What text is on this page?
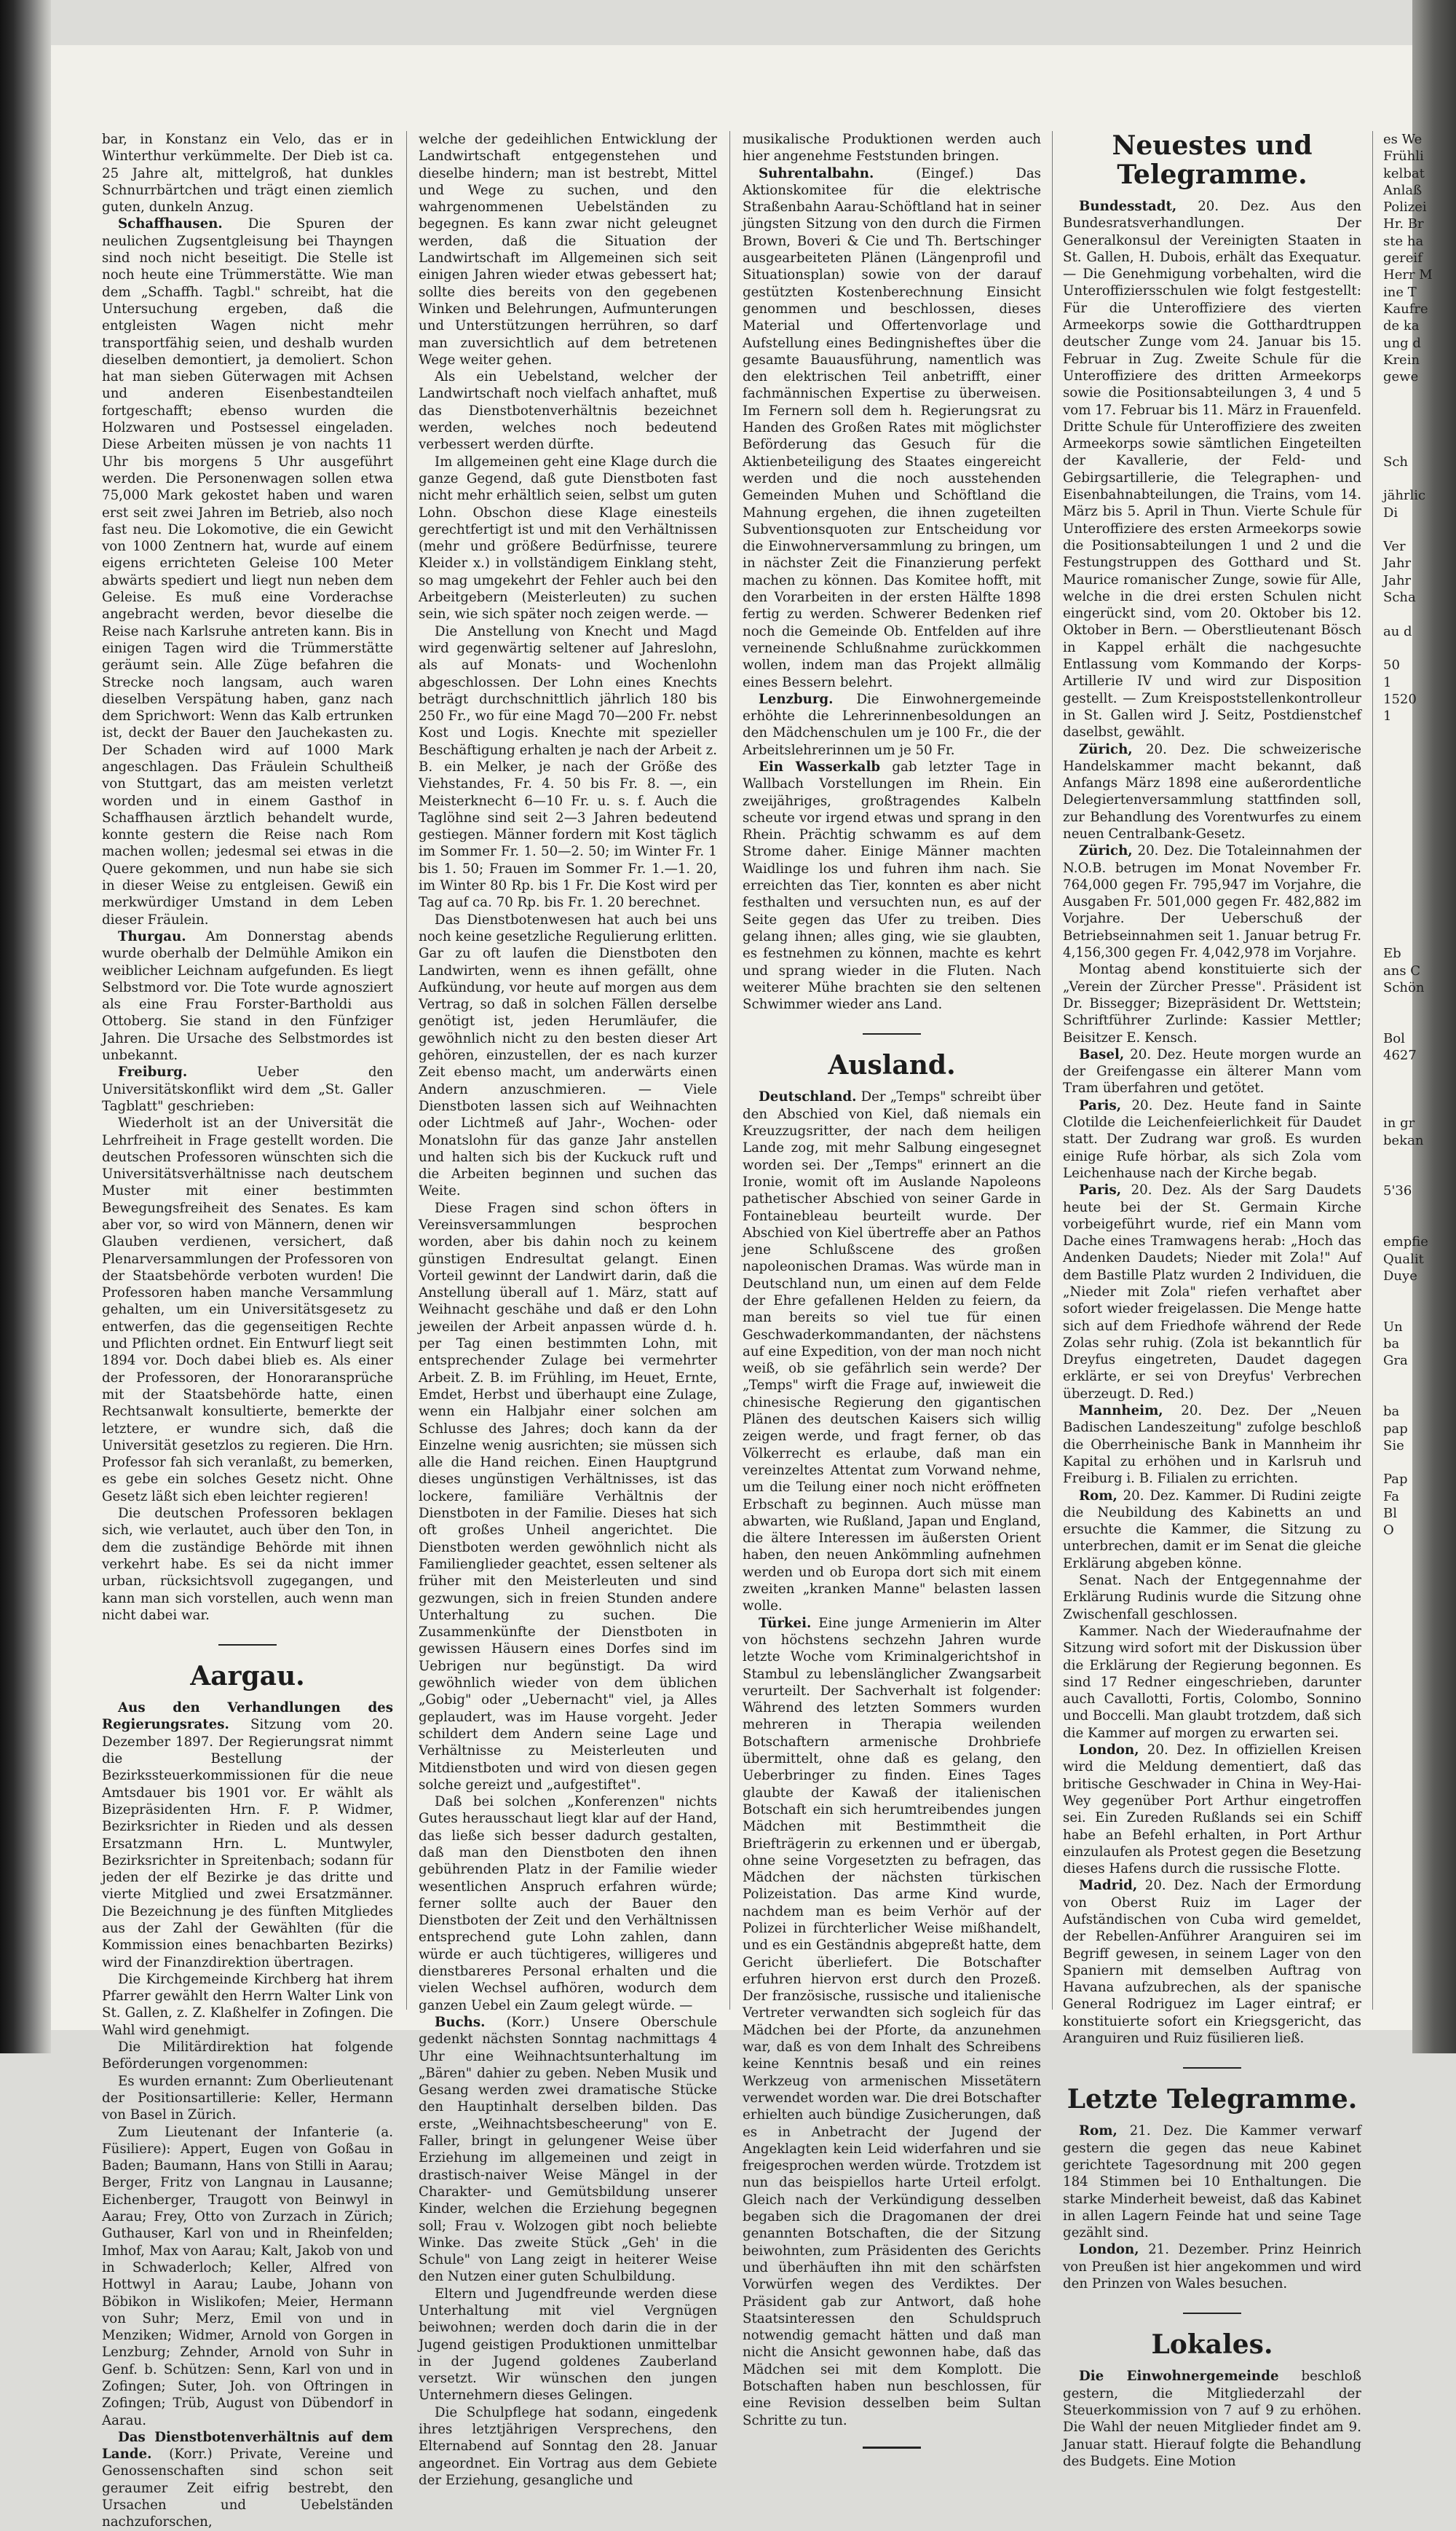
bar, in Konstanz ein Velo, das er in Winterthur verkümmelte. Der Dieb ist ca. 25 Jahre alt, mittelgroß, hat dunkles Schnurrbärtchen und trägt einen ziemlich guten, dunkeln Anzug.

Schaffhausen. Die Spuren der neulichen Zugsentgleisung bei Thayngen sind noch nicht beseitigt. Die Stelle ist noch heute eine Trümmerstätte. Wie man dem „Schaffh. Tagbl." schreibt, hat die Untersuchung ergeben, daß die entgleisten Wagen nicht mehr transportfähig seien, und deshalb wurden dieselben demontiert, ja demoliert. Schon hat man sieben Güterwagen mit Achsen und anderen Eisenbestandteilen fortgeschafft; ebenso wurden die Holzwaren und Postsessel eingeladen. Diese Arbeiten müssen je von nachts 11 Uhr bis morgens 5 Uhr ausgeführt werden. Die Personenwagen sollen etwa 75,000 Mark gekostet haben und waren erst seit zwei Jahren im Betrieb, also noch fast neu. Die Lokomotive, die ein Gewicht von 1000 Zentnern hat, wurde auf einem eigens errichteten Geleise 100 Meter abwärts spediert und liegt nun neben dem Geleise. Es muß eine Vorderachse angebracht werden, bevor dieselbe die Reise nach Karlsruhe antreten kann. Bis in einigen Tagen wird die Trümmerstätte geräumt sein. Alle Züge befahren die Strecke noch langsam, auch waren dieselben Verspätung haben, ganz nach dem Sprichwort: Wenn das Kalb ertrunken ist, deckt der Bauer den Jauchekasten zu. Der Schaden wird auf 1000 Mark angeschlagen. Das Fräulein Schultheiß von Stuttgart, das am meisten verletzt worden und in einem Gasthof in Schaffhausen ärztlich behandelt wurde, konnte gestern die Reise nach Rom machen wollen; jedesmal sei etwas in die Quere gekommen, und nun habe sie sich in dieser Weise zu entgleisen. Gewiß ein merkwürdiger Umstand in dem Leben dieser Fräulein.

Thurgau. Am Donnerstag abends wurde oberhalb der Delmühle Amikon ein weiblicher Leichnam aufgefunden. Es liegt Selbstmord vor. Die Tote wurde agnosziert als eine Frau Forster-Bartholdi aus Ottoberg. Sie stand in den Fünfziger Jahren. Die Ursache des Selbstmordes ist unbekannt.

Freiburg. Ueber den Universitätskonflikt wird dem „St. Galler Tagblatt" geschrieben:

Wiederholt ist an der Universität die Lehrfreiheit in Frage gestellt worden. Die deutschen Professoren wünschten sich die Universitätsverhältnisse nach deutschem Muster mit einer bestimmten Bewegungsfreiheit des Senates. Es kam aber vor, so wird von Männern, denen wir Glauben verdienen, versichert, daß Plenarversammlungen der Professoren von der Staatsbehörde verboten wurden! Die Professoren haben manche Versammlung gehalten, um ein Universitätsgesetz zu entwerfen, das die gegenseitigen Rechte und Pflichten ordnet. Ein Entwurf liegt seit 1894 vor. Doch dabei blieb es. Als einer der Professoren, der Honoraransprüche mit der Staatsbehörde hatte, einen Rechtsanwalt konsultierte, bemerkte der letztere, er wundre sich, daß die Universität gesetzlos zu regieren. Die Hrn. Professor fah sich veranlaßt, zu bemerken, es gebe ein solches Gesetz nicht. Ohne Gesetz läßt sich eben leichter regieren!

Die deutschen Professoren beklagen sich, wie verlautet, auch über den Ton, in dem die zuständige Behörde mit ihnen verkehrt habe. Es sei da nicht immer urban, rücksichtsvoll zugegangen, und kann man sich vorstellen, auch wenn man nicht dabei war.

Aargau.

Aus den Verhandlungen des Regierungsrates. Sitzung vom 20. Dezember 1897. Der Regierungsrat nimmt die Bestellung der Bezirkssteuerkommissionen für die neue Amtsdauer bis 1901 vor. Er wählt als Bizepräsidenten Hrn. F. P. Widmer, Bezirksrichter in Rieden und als dessen Ersatzmann Hrn. L. Muntwyler, Bezirksrichter in Spreitenbach; sodann für jeden der elf Bezirke je das dritte und vierte Mitglied und zwei Ersatzmänner. Die Bezeichnung je des fünften Mitgliedes aus der Zahl der Gewählten (für die Kommission eines benachbarten Bezirks) wird der Finanzdirektion übertragen.

Die Kirchgemeinde Kirchberg hat ihrem Pfarrer gewählt den Herrn Walter Link von St. Gallen, z. Z. Klaßhelfer in Zofingen. Die Wahl wird genehmigt.

Die Militärdirektion hat folgende Beförderungen vorgenommen:

Es wurden ernannt: Zum Oberlieutenant der Positionsartillerie: Keller, Hermann von Basel in Zürich.

Zum Lieutenant der Infanterie (a. Füsiliere): Appert, Eugen von Goßau in Baden; Baumann, Hans von Stilli in Aarau; Berger, Fritz von Langnau in Lausanne; Eichenberger, Traugott von Beinwyl in Aarau; Frey, Otto von Zurzach in Zürich; Guthauser, Karl von und in Rheinfelden; Imhof, Max von Aarau; Kalt, Jakob von und in Schwaderloch; Keller, Alfred von Hottwyl in Aarau; Laube, Johann von Böbikon in Wislikofen; Meier, Hermann von Suhr; Merz, Emil von und in Menziken; Widmer, Arnold von Gorgen in Lenzburg; Zehnder, Arnold von Suhr in Genf. b. Schützen: Senn, Karl von und in Zofingen; Suter, Joh. von Oftringen in Zofingen; Trüb, August von Dübendorf in Aarau.

Das Dienstbotenverhältnis auf dem Lande. (Korr.) Private, Vereine und Genossenschaften sind schon seit geraumer Zeit eifrig bestrebt, den Ursachen und Uebelständen nachzuforschen,

welche der gedeihlichen Entwicklung der Landwirtschaft entgegenstehen und dieselbe hindern; man ist bestrebt, Mittel und Wege zu suchen, und den wahrgenommenen Uebelständen zu begegnen. Es kann zwar nicht geleugnet werden, daß die Situation der Landwirtschaft im Allgemeinen sich seit einigen Jahren wieder etwas gebessert hat; sollte dies bereits von den gegebenen Winken und Belehrungen, Aufmunterungen und Unterstützungen herrühren, so darf man zuversichtlich auf dem betretenen Wege weiter gehen.

Als ein Uebelstand, welcher der Landwirtschaft noch vielfach anhaftet, muß das Dienstbotenverhältnis bezeichnet werden, welches noch bedeutend verbessert werden dürfte.

Im allgemeinen geht eine Klage durch die ganze Gegend, daß gute Dienstboten fast nicht mehr erhältlich seien, selbst um guten Lohn. Obschon diese Klage einesteils gerechtfertigt ist und mit den Verhältnissen (mehr und größere Bedürfnisse, teurere Kleider x.) in vollständigem Einklang steht, so mag umgekehrt der Fehler auch bei den Arbeitgebern (Meisterleuten) zu suchen sein, wie sich später noch zeigen werde. —

Die Anstellung von Knecht und Magd wird gegenwärtig seltener auf Jahreslohn, als auf Monats- und Wochenlohn abgeschlossen. Der Lohn eines Knechts beträgt durchschnittlich jährlich 180 bis 250 Fr., wo für eine Magd 70—200 Fr. nebst Kost und Logis. Knechte mit spezieller Beschäftigung erhalten je nach der Arbeit z. B. ein Melker, je nach der Größe des Viehstandes, Fr. 4. 50 bis Fr. 8. —, ein Meisterknecht 6—10 Fr. u. s. f. Auch die Taglöhne sind seit 2—3 Jahren bedeutend gestiegen. Männer fordern mit Kost täglich im Sommer Fr. 1. 50—2. 50; im Winter Fr. 1 bis 1. 50; Frauen im Sommer Fr. 1.—1. 20, im Winter 80 Rp. bis 1 Fr. Die Kost wird per Tag auf ca. 70 Rp. bis Fr. 1. 20 berechnet.

Das Dienstbotenwesen hat auch bei uns noch keine gesetzliche Regulierung erlitten. Gar zu oft laufen die Dienstboten den Landwirten, wenn es ihnen gefällt, ohne Aufkündung, vor heute auf morgen aus dem Vertrag, so daß in solchen Fällen derselbe genötigt ist, jeden Herumläufer, die gewöhnlich nicht zu den besten dieser Art gehören, einzustellen, der es nach kurzer Zeit ebenso macht, um anderwärts einen Andern anzuschmieren. — Viele Dienstboten lassen sich auf Weihnachten oder Lichtmeß auf Jahr-, Wochen- oder Monatslohn für das ganze Jahr anstellen und halten sich bis der Kuckuck ruft und die Arbeiten beginnen und suchen das Weite.

Diese Fragen sind schon öfters in Vereinsversammlungen besprochen worden, aber bis dahin noch zu keinem günstigen Endresultat gelangt. Einen Vorteil gewinnt der Landwirt darin, daß die Anstellung überall auf 1. März, statt auf Weihnacht geschähe und daß er den Lohn jeweilen der Arbeit anpassen würde d. h. per Tag einen bestimmten Lohn, mit entsprechender Zulage bei vermehrter Arbeit. Z. B. im Frühling, im Heuet, Ernte, Emdet, Herbst und überhaupt eine Zulage, wenn ein Halbjahr einer solchen am Schlusse des Jahres; doch kann da der Einzelne wenig ausrichten; sie müssen sich alle die Hand reichen. Einen Hauptgrund dieses ungünstigen Verhältnisses, ist das lockere, familiäre Verhältnis der Dienstboten in der Familie. Dieses hat sich oft großes Unheil angerichtet. Die Dienstboten werden gewöhnlich nicht als Familienglieder geachtet, essen seltener als früher mit den Meisterleuten und sind gezwungen, sich in freien Stunden andere Unterhaltung zu suchen. Die Zusammenkünfte der Dienstboten in gewissen Häusern eines Dorfes sind im Uebrigen nur begünstigt. Da wird gewöhnlich wieder von dem üblichen „Gobig" oder „Uebernacht" viel, ja Alles geplaudert, was im Hause vorgeht. Jeder schildert dem Andern seine Lage und Verhältnisse zu Meisterleuten und Mitdienstboten und wird von diesen gegen solche gereizt und „aufgestiftet".

Daß bei solchen „Konferenzen" nichts Gutes herausschaut liegt klar auf der Hand, das ließe sich besser dadurch gestalten, daß man den Dienstboten den ihnen gebührenden Platz in der Familie wieder wesentlichen Anspruch erfahren würde; ferner sollte auch der Bauer den Dienstboten der Zeit und den Verhältnissen entsprechend gute Lohn zahlen, dann würde er auch tüchtigeres, willigeres und dienstbareres Personal erhalten und die vielen Wechsel aufhören, wodurch dem ganzen Uebel ein Zaum gelegt würde. —

Buchs. (Korr.) Unsere Oberschule gedenkt nächsten Sonntag nachmittags 4 Uhr eine Weihnachtsunterhaltung im „Bären" dahier zu geben. Neben Musik und Gesang werden zwei dramatische Stücke den Hauptinhalt derselben bilden. Das erste, „Weihnachtsbescheerung" von E. Faller, bringt in gelungener Weise über Erziehung im allgemeinen und zeigt in drastisch-naiver Weise Mängel in der Charakter- und Gemütsbildung unserer Kinder, welchen die Erziehung begegnen soll; Frau v. Wolzogen gibt noch beliebte Winke. Das zweite Stück „Geh' in die Schule" von Lang zeigt in heiterer Weise den Nutzen einer guten Schulbildung.

Eltern und Jugendfreunde werden diese Unterhaltung mit viel Vergnügen beiwohnen; werden doch darin die in der Jugend geistigen Produktionen unmittelbar in der Jugend goldenes Zauberland versetzt. Wir wünschen den jungen Unternehmern dieses Gelingen.

Die Schulpflege hat sodann, eingedenk ihres letztjährigen Versprechens, den Elternabend auf Sonntag den 28. Januar angeordnet. Ein Vortrag aus dem Gebiete der Erziehung, gesangliche und

musikalische Produktionen werden auch hier angenehme Feststunden bringen.

Suhrentalbahn. (Eingef.) Das Aktionskomitee für die elektrische Straßenbahn Aarau-Schöftland hat in seiner jüngsten Sitzung von den durch die Firmen Brown, Boveri & Cie und Th. Bertschinger ausgearbeiteten Plänen (Längenprofil und Situationsplan) sowie von der darauf gestützten Kostenberechnung Einsicht genommen und beschlossen, dieses Material und Offertenvorlage und Aufstellung eines Bedingnisheftes über die gesamte Bauausführung, namentlich was den elektrischen Teil anbetrifft, einer fachmännischen Expertise zu überweisen. Im Fernern soll dem h. Regierungsrat zu Handen des Großen Rates mit möglichster Beförderung das Gesuch für die Aktienbeteiligung des Staates eingereicht werden und die noch ausstehenden Gemeinden Muhen und Schöftland die Mahnung ergehen, die ihnen zugeteilten Subventionsquoten zur Entscheidung vor die Einwohnerversammlung zu bringen, um in nächster Zeit die Finanzierung perfekt machen zu können. Das Komitee hofft, mit den Vorarbeiten in der ersten Hälfte 1898 fertig zu werden. Schwerer Bedenken rief noch die Gemeinde Ob. Entfelden auf ihre verneinende Schlußnahme zurückkommen wollen, indem man das Projekt allmälig eines Bessern belehrt.

Lenzburg. Die Einwohnergemeinde erhöhte die Lehrerinnenbesoldungen an den Mädchenschulen um je 100 Fr., die der Arbeitslehrerinnen um je 50 Fr.

Ein Wasserkalb gab letzter Tage in Wallbach Vorstellungen im Rhein. Ein zweijähriges, großtragendes Kalbeln scheute vor irgend etwas und sprang in den Rhein. Prächtig schwamm es auf dem Strome daher. Einige Männer machten Waidlinge los und fuhren ihm nach. Sie erreichten das Tier, konnten es aber nicht festhalten und versuchten nun, es auf der Seite gegen das Ufer zu treiben. Dies gelang ihnen; alles ging, wie sie glaubten, es festnehmen zu können, machte es kehrt und sprang wieder in die Fluten. Nach weiterer Mühe brachten sie den seltenen Schwimmer wieder ans Land.

Ausland.

Deutschland. Der „Temps" schreibt über den Abschied von Kiel, daß niemals ein Kreuzzugsritter, der nach dem heiligen Lande zog, mit mehr Salbung eingesegnet worden sei. Der „Temps" erinnert an die Ironie, womit oft im Auslande Napoleons pathetischer Abschied von seiner Garde in Fontainebleau beurteilt wurde. Der Abschied von Kiel übertreffe aber an Pathos jene Schlußscene des großen napoleonischen Dramas. Was würde man in Deutschland nun, um einen auf dem Felde der Ehre gefallenen Helden zu feiern, da man bereits so viel tue für einen Geschwaderkommandanten, der nächstens auf eine Expedition, von der man noch nicht weiß, ob sie gefährlich sein werde? Der „Temps" wirft die Frage auf, inwieweit die chinesische Regierung den gigantischen Plänen des deutschen Kaisers sich willig zeigen werde, und fragt ferner, ob das Völkerrecht es erlaube, daß man ein vereinzeltes Attentat zum Vorwand nehme, um die Teilung einer noch nicht eröffneten Erbschaft zu beginnen. Auch müsse man abwarten, wie Rußland, Japan und England, die ältere Interessen im äußersten Orient haben, den neuen Ankömmling aufnehmen werden und ob Europa dort sich mit einem zweiten „kranken Manne" belasten lassen wolle.

Türkei. Eine junge Armenierin im Alter von höchstens sechzehn Jahren wurde letzte Woche vom Kriminalgerichtshof in Stambul zu lebenslänglicher Zwangsarbeit verurteilt. Der Sachverhalt ist folgender: Während des letzten Sommers wurden mehreren in Therapia weilenden Botschaftern armenische Drohbriefe übermittelt, ohne daß es gelang, den Ueberbringer zu finden. Eines Tages glaubte der Kawaß der italienischen Botschaft ein sich herumtreibendes jungen Mädchen mit Bestimmtheit die Briefträgerin zu erkennen und er übergab, ohne seine Vorgesetzten zu befragen, das Mädchen der nächsten türkischen Polizeistation. Das arme Kind wurde, nachdem man es beim Verhör auf der Polizei in fürchterlicher Weise mißhandelt, und es ein Geständnis abgepreßt hatte, dem Gericht überliefert. Die Botschafter erfuhren hiervon erst durch den Prozeß. Der französische, russische und italienische Vertreter verwandten sich sogleich für das Mädchen bei der Pforte, da anzunehmen war, daß es von dem Inhalt des Schreibens keine Kenntnis besaß und ein reines Werkzeug von armenischen Missetätern verwendet worden war. Die drei Botschafter erhielten auch bündige Zusicherungen, daß es in Anbetracht der Jugend der Angeklagten kein Leid widerfahren und sie freigesprochen werden würde. Trotzdem ist nun das beispiellos harte Urteil erfolgt. Gleich nach der Verkündigung desselben begaben sich die Dragomanen der drei genannten Botschaften, die der Sitzung beiwohnten, zum Präsidenten des Gerichts und überhäuften ihn mit den schärfsten Vorwürfen wegen des Verdiktes. Der Präsident gab zur Antwort, daß hohe Staatsinteressen den Schuldspruch notwendig gemacht hätten und daß man nicht die Ansicht gewonnen habe, daß das Mädchen sei mit dem Komplott. Die Botschaften haben nun beschlossen, für eine Revision desselben beim Sultan Schritte zu tun.

Neuestes und Telegramme.

Bundesstadt, 20. Dez. Aus den Bundesratsverhandlungen. Der Generalkonsul der Vereinigten Staaten in St. Gallen, H. Dubois, erhält das Exequatur. — Die Genehmigung vorbehalten, wird die Unteroffiziersschulen wie folgt festgestellt: Für die Unteroffiziere des vierten Armeekorps sowie die Gotthardtruppen deutscher Zunge vom 24. Januar bis 15. Februar in Zug. Zweite Schule für die Unteroffiziere des dritten Armeekorps sowie die Positionsabteilungen 3, 4 und 5 vom 17. Februar bis 11. März in Frauenfeld. Dritte Schule für Unteroffiziere des zweiten Armeekorps sowie sämtlichen Eingeteilten der Kavallerie, der Feld- und Gebirgsartillerie, die Telegraphen- und Eisenbahnabteilungen, die Trains, vom 14. März bis 5. April in Thun. Vierte Schule für Unteroffiziere des ersten Armeekorps sowie die Positionsabteilungen 1 und 2 und die Festungstruppen des Gotthard und St. Maurice romanischer Zunge, sowie für Alle, welche in die drei ersten Schulen nicht eingerückt sind, vom 20. Oktober bis 12. Oktober in Bern. — Oberstlieutenant Bösch in Kappel erhält die nachgesuchte Entlassung vom Kommando der Korps-Artillerie IV und wird zur Disposition gestellt. — Zum Kreispoststellenkontrolleur in St. Gallen wird J. Seitz, Postdienstchef daselbst, gewählt.

Zürich, 20. Dez. Die schweizerische Handelskammer macht bekannt, daß Anfangs März 1898 eine außerordentliche Delegiertenversammlung stattfinden soll, zur Behandlung des Vorentwurfes zu einem neuen Centralbank-Gesetz.

Zürich, 20. Dez. Die Totaleinnahmen der N.O.B. betrugen im Monat November Fr. 764,000 gegen Fr. 795,947 im Vorjahre, die Ausgaben Fr. 501,000 gegen Fr. 482,882 im Vorjahre. Der Ueberschuß der Betriebseinnahmen seit 1. Januar betrug Fr. 4,156,300 gegen Fr. 4,042,978 im Vorjahre.

Montag abend konstituierte sich der „Verein der Zürcher Presse". Präsident ist Dr. Bissegger; Bizepräsident Dr. Wettstein; Schriftführer Zurlinde: Kassier Mettler; Beisitzer E. Kensch.

Basel, 20. Dez. Heute morgen wurde an der Greifengasse ein älterer Mann vom Tram überfahren und getötet.

Paris, 20. Dez. Heute fand in Sainte Clotilde die Leichenfeierlichkeit für Daudet statt. Der Zudrang war groß. Es wurden einige Rufe hörbar, als sich Zola vom Leichenhause nach der Kirche begab.

Paris, 20. Dez. Als der Sarg Daudets heute bei der St. Germain Kirche vorbeigeführt wurde, rief ein Mann vom Dache eines Tramwagens herab: „Hoch das Andenken Daudets; Nieder mit Zola!" Auf dem Bastille Platz wurden 2 Individuen, die „Nieder mit Zola" riefen verhaftet aber sofort wieder freigelassen. Die Menge hatte sich auf dem Friedhofe während der Rede Zolas sehr ruhig. (Zola ist bekanntlich für Dreyfus eingetreten, Daudet dagegen erklärte, er sei von Dreyfus' Verbrechen überzeugt. D. Red.)

Mannheim, 20. Dez. Der „Neuen Badischen Landeszeitung" zufolge beschloß die Oberrheinische Bank in Mannheim ihr Kapital zu erhöhen und in Karlsruh und Freiburg i. B. Filialen zu errichten.

Rom, 20. Dez. Kammer. Di Rudini zeigte die Neubildung des Kabinetts an und ersuchte die Kammer, die Sitzung zu unterbrechen, damit er im Senat die gleiche Erklärung abgeben könne.

Senat. Nach der Entgegennahme der Erklärung Rudinis wurde die Sitzung ohne Zwischenfall geschlossen.

Kammer. Nach der Wiederaufnahme der Sitzung wird sofort mit der Diskussion über die Erklärung der Regierung begonnen. Es sind 17 Redner eingeschrieben, darunter auch Cavallotti, Fortis, Colombo, Sonnino und Boccelli. Man glaubt trotzdem, daß sich die Kammer auf morgen zu erwarten sei.

London, 20. Dez. In offiziellen Kreisen wird die Meldung dementiert, daß das britische Geschwader in China in Wey-Hai-Wey gegenüber Port Arthur eingetroffen sei. Ein Zureden Rußlands sei ein Schiff habe an Befehl erhalten, in Port Arthur einzulaufen als Protest gegen die Besetzung dieses Hafens durch die russische Flotte.

Madrid, 20. Dez. Nach der Ermordung von Oberst Ruiz im Lager der Aufständischen von Cuba wird gemeldet, der Rebellen-Anführer Aranguiren sei im Begriff gewesen, in seinem Lager von den Spaniern mit demselben Auftrag von Havana aufzubrechen, als der spanische General Rodriguez im Lager eintraf; er konstituierte sofort ein Kriegsgericht, das Aranguiren und Ruiz füsilieren ließ.

Letzte Telegramme.

Rom, 21. Dez. Die Kammer verwarf gestern die gegen das neue Kabinet gerichtete Tagesordnung mit 200 gegen 184 Stimmen bei 10 Enthaltungen. Die starke Minderheit beweist, daß das Kabinet in allen Lagern Feinde hat und seine Tage gezählt sind.

London, 21. Dezember. Prinz Heinrich von Preußen ist hier angekommen und wird den Prinzen von Wales besuchen.

Lokales.

Die Einwohnergemeinde beschloß gestern, die Mitgliederzahl der Steuerkommission von 7 auf 9 zu erhöhen. Die Wahl der neuen Mitglieder findet am 9. Januar statt. Hierauf folgte die Behandlung des Budgets. Eine Motion

es We
Frühli
kelbat
Anlaß
Polizei
Hr. Br
ste ha
gereif
Herr M
ine T
Kaufre
de ka
ung d
Krein
gewe

Sch

jährlic
Di

Ver
Jahr
Jahr
Scha

au d

50
1
1520
1

Eb
ans C
Schön

Bol
4627

in gr
bekan

5'36

empfie
Qualit
Duye

Un
ba
Gra

ba
pap
Sie

Pap
Fa
Bl
O
